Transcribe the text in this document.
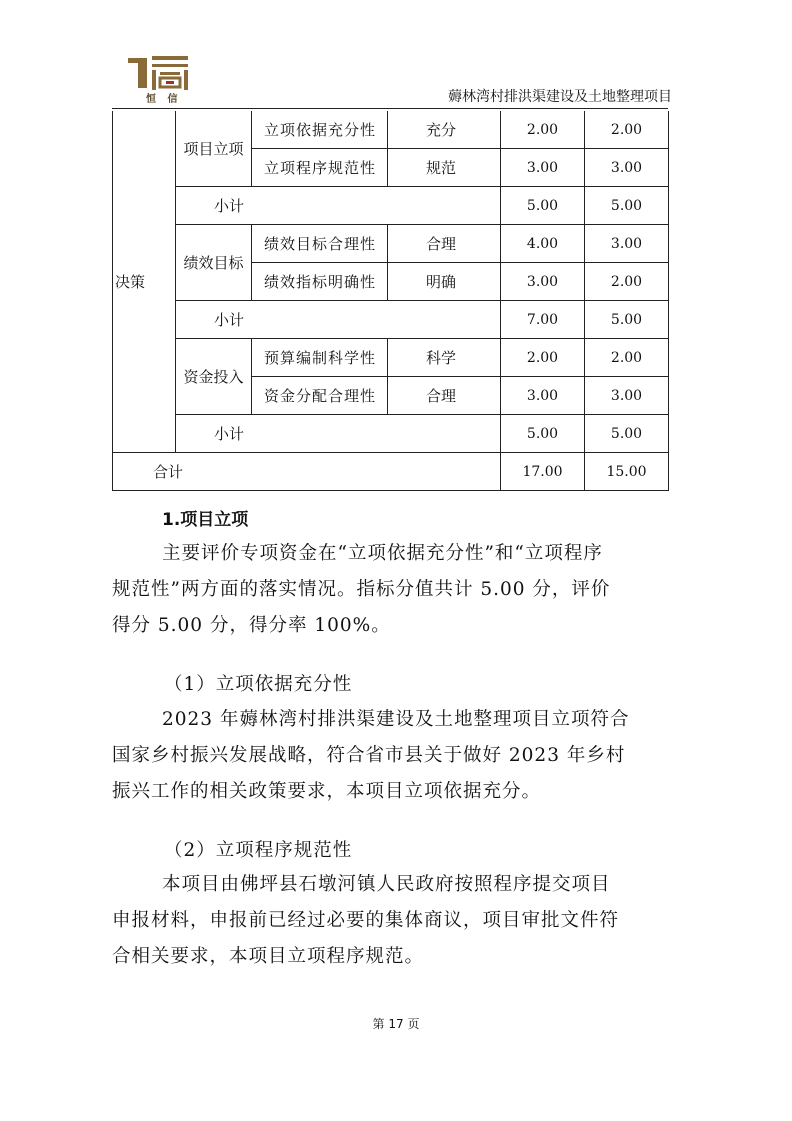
恒 信	薅林湾村排洪渠建设及土地整理项目
决策	项目立项	立项依据充分性	充分	2.00	2.00
		立项程序规范性	规范	3.00	3.00
	小计			5.00	5.00
	绩效目标	绩效目标合理性	合理	4.00	3.00
		绩效指标明确性	明确	3.00	2.00
	小计			7.00	5.00
	资金投入	预算编制科学性	科学	2.00	2.00
		资金分配合理性	合理	3.00	3.00
	小计			5.00	5.00
合计				17.00	15.00
1.项目立项
主要评价专项资金在“立项依据充分性”和“立项程序
规范性”两方面的落实情况。指标分值共计 5.00 分，评价
得分 5.00 分，得分率 100%。
（1）立项依据充分性
2023 年薅林湾村排洪渠建设及土地整理项目立项符合
国家乡村振兴发展战略，符合省市县关于做好 2023 年乡村
振兴工作的相关政策要求，本项目立项依据充分。
（2）立项程序规范性
本项目由佛坪县石墩河镇人民政府按照程序提交项目
申报材料，申报前已经过必要的集体商议，项目审批文件符
合相关要求，本项目立项程序规范。
第 17 页
